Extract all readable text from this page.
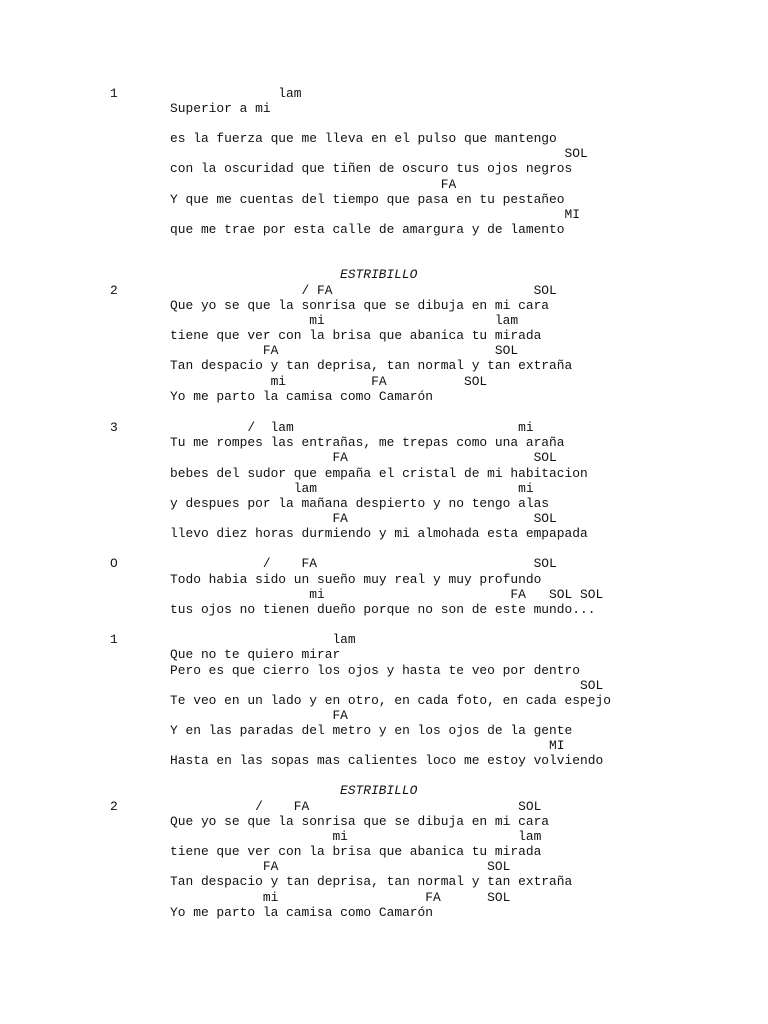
1	lam
Superior a mi
es la fuerza que me lleva en el pulso que mantengo
SOL
con la oscuridad que tiñen de oscuro tus ojos negros
FA
Y que me cuentas del tiempo que pasa en tu pestañeo
MI
que me trae por esta calle de amargura y de lamento
ESTRIBILLO
2	/ FA                          SOL
Que yo se que la sonrisa que se dibuja en mi cara
mi                      lam
tiene que ver con la brisa que abanica tu mirada
FA                            SOL
Tan despacio y tan deprisa, tan normal y tan extraña
mi           FA          SOL
Yo me parto la camisa como Camarón
3	/  lam                             mi
Tu me rompes las entrañas, me trepas como una araña
FA                        SOL
bebes del sudor que empaña el cristal de mi habitacion
lam                          mi
y despues por la mañana despierto y no tengo alas
FA                        SOL
llevo diez horas durmiendo y mi almohada esta empapada
O	/    FA                            SOL
Todo habia sido un sueño muy real y muy profundo
mi                        FA   SOL SOL
tus ojos no tienen dueño porque no son de este mundo...
1	lam
Que no te quiero mirar
Pero es que cierro los ojos y hasta te veo por dentro
SOL
Te veo en un lado y en otro, en cada foto, en cada espejo
FA
Y en las paradas del metro y en los ojos de la gente
MI
Hasta en las sopas mas calientes loco me estoy volviendo
ESTRIBILLO
2	/    FA                           SOL
Que yo se que la sonrisa que se dibuja en mi cara
mi                      lam
tiene que ver con la brisa que abanica tu mirada
FA                           SOL
Tan despacio y tan deprisa, tan normal y tan extraña
mi                   FA      SOL
Yo me parto la camisa como Camarón
